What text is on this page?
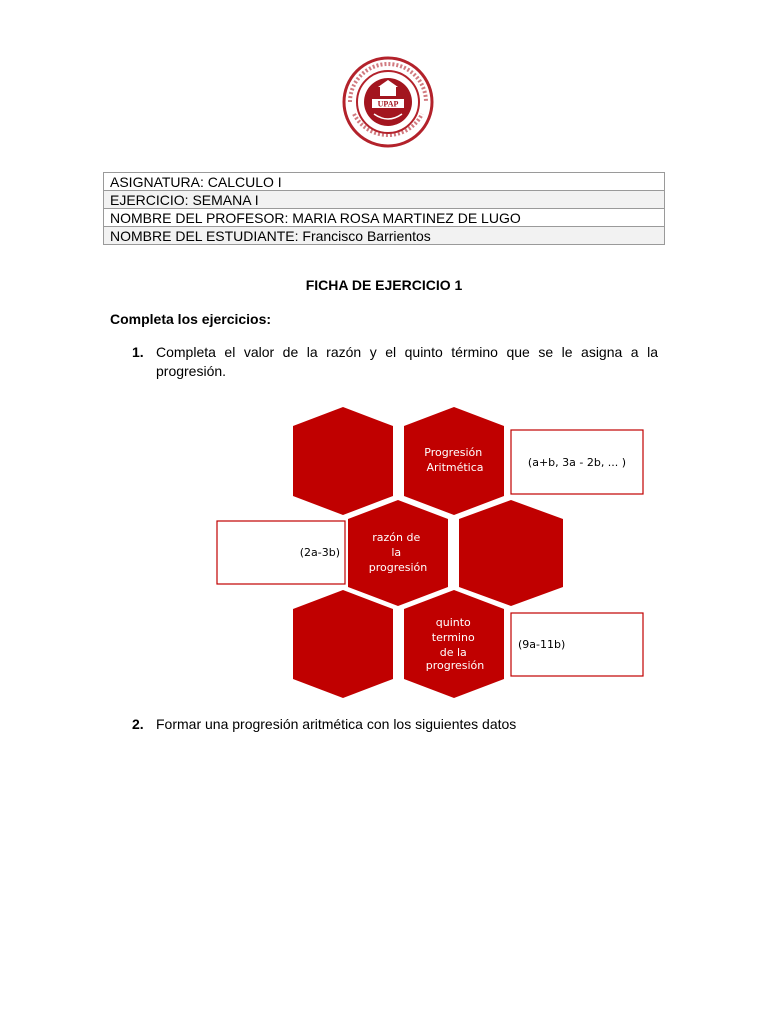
UPAP
ASIGNATURA: CALCULO I
EJERCICIO: SEMANA I
NOMBRE DEL PROFESOR: MARIA ROSA MARTINEZ DE LUGO
NOMBRE DEL ESTUDIANTE: Francisco Barrientos
FICHA DE EJERCICIO 1
Completa los ejercicios:
1. Completa el valor de la razón y el quinto término que se le asigna a la progresión.
Progresión Aritmética
razón de la progresión
quinto termino de la progresión
(a+b, 3a - 2b, ... )
(2a-3b)
(9a-11b)
2. Formar una progresión aritmética con los siguientes datos
